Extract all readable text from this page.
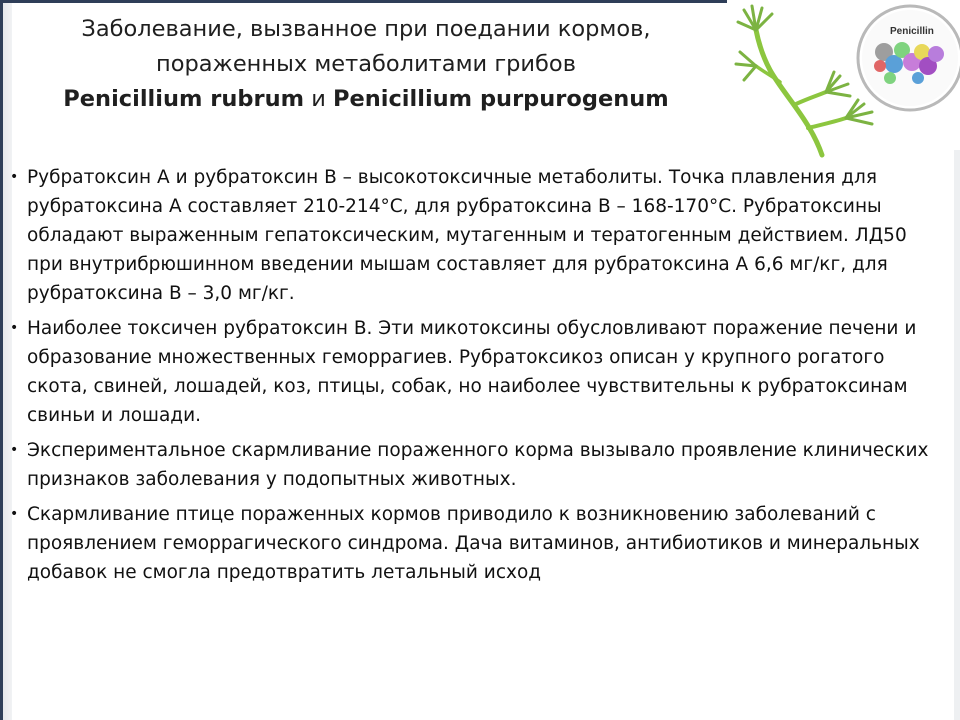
Заболевание, вызванное при поедании кормов,
пораженных метаболитами грибов
Penicillium rubrum и Penicillium purpurogenum
Penicillin
• Рубратоксин А и рубратоксин В – высокотоксичные метаболиты. Точка плавления для рубратоксина А составляет 210-214°С, для рубратоксина В – 168-170°С. Рубратоксины обладают выраженным гепатоксическим, мутагенным и тератогенным действием. ЛД50 при внутрибрюшинном введении мышам составляет для рубратоксина А 6,6 мг/кг, для рубратоксина В – 3,0 мг/кг.
• Наиболее токсичен рубратоксин В. Эти микотоксины обусловливают поражение печени и образование множественных геморрагиев. Рубратоксикоз описан у крупного рогатого скота, свиней, лошадей, коз, птицы, собак, но наиболее чувствительны к рубратоксинам свиньи и лошади.
• Экспериментальное скармливание пораженного корма вызывало проявление клинических признаков заболевания у подопытных животных.
• Скармливание птице пораженных кормов приводило к возникновению заболеваний с проявлением геморрагического синдрома. Дача витаминов, антибиотиков и минеральных добавок не смогла предотвратить летальный исход
